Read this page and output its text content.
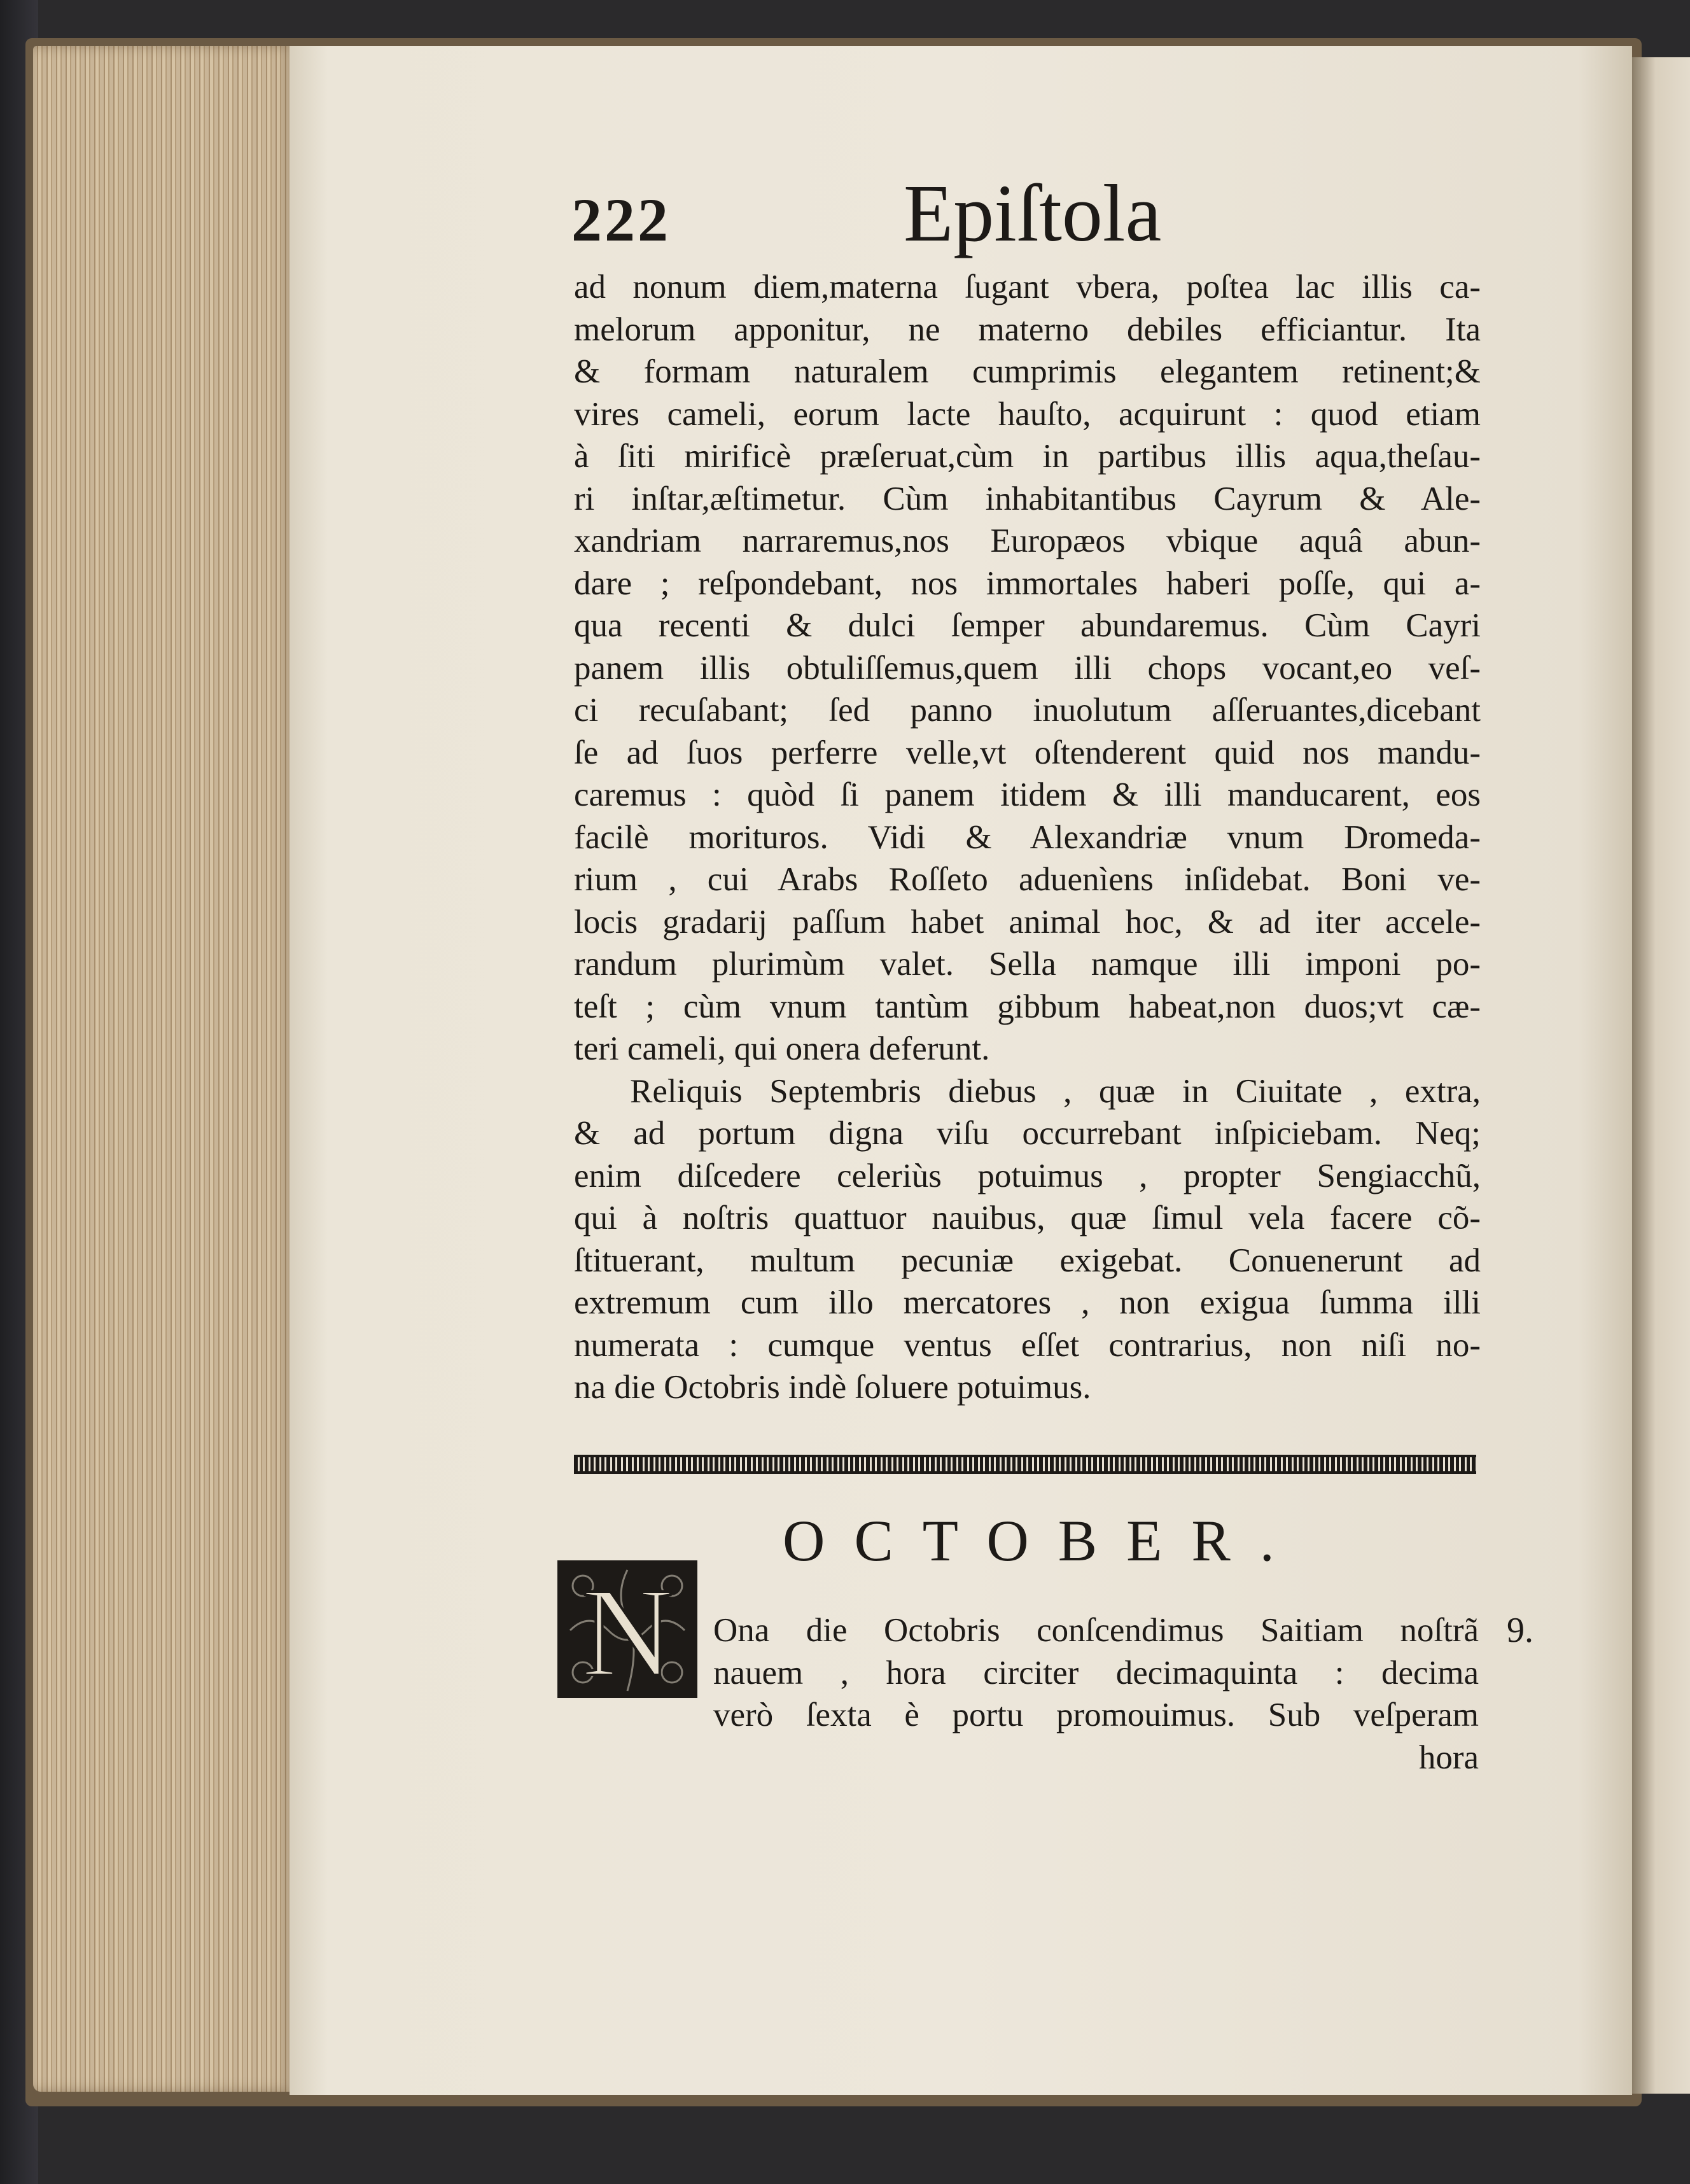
222	Epiſtola
ad nonum diem,materna ſugant vbera, poſtea lac illis ca-
melorum apponitur, ne materno debiles efficiantur. Ita
& formam naturalem cumprimis elegantem retinent;&
vires cameli, eorum lacte hauſto, acquirunt : quod etiam
à ſiti mirificè præſeruat,cùm in partibus illis aqua,theſau-
ri inſtar,æſtimetur. Cùm inhabitantibus Cayrum & Ale-
xandriam narraremus,nos Europæos vbique aquâ abun-
dare ; reſpondebant, nos immortales haberi poſſe, qui a-
qua recenti & dulci ſemper abundaremus. Cùm Cayri
panem illis obtuliſſemus,quem illi chops vocant,eo veſ-
ci recuſabant; ſed panno inuolutum aſſeruantes,dicebant
ſe ad ſuos perferre velle,vt oſtenderent quid nos mandu-
caremus : quòd ſi panem itidem & illi manducarent, eos
facilè morituros. Vidi & Alexandriæ vnum Dromeda-
rium , cui Arabs Roſſeto aduenìens inſidebat. Boni ve-
locis gradarij paſſum habet animal hoc, & ad iter accele-
randum plurimùm valet. Sella namque illi imponi po-
teſt ; cùm vnum tantùm gibbum habeat,non duos;vt cæ-
teri cameli, qui onera deferunt.
Reliquis Septembris diebus , quæ in Ciuitate , extra,
& ad portum digna viſu occurrebant inſpiciebam. Neq;
enim diſcedere celeriùs potuimus , propter Sengiacchũ,
qui à noſtris quattuor nauibus, quæ ſimul vela facere cõ-
ſtituerant, multum pecuniæ exigebat. Conuenerunt ad
extremum cum illo mercatores , non exigua ſumma illi
numerata : cumque ventus eſſet contrarius, non niſi no-
na die Octobris indè ſoluere potuimus.
OCTOBER.
N Ona die Octobris conſcendimus Saitiam noſtrã
nauem , hora circiter decimaquinta : decima
verò ſexta è portu promouimus. Sub veſperam
hora
9.
